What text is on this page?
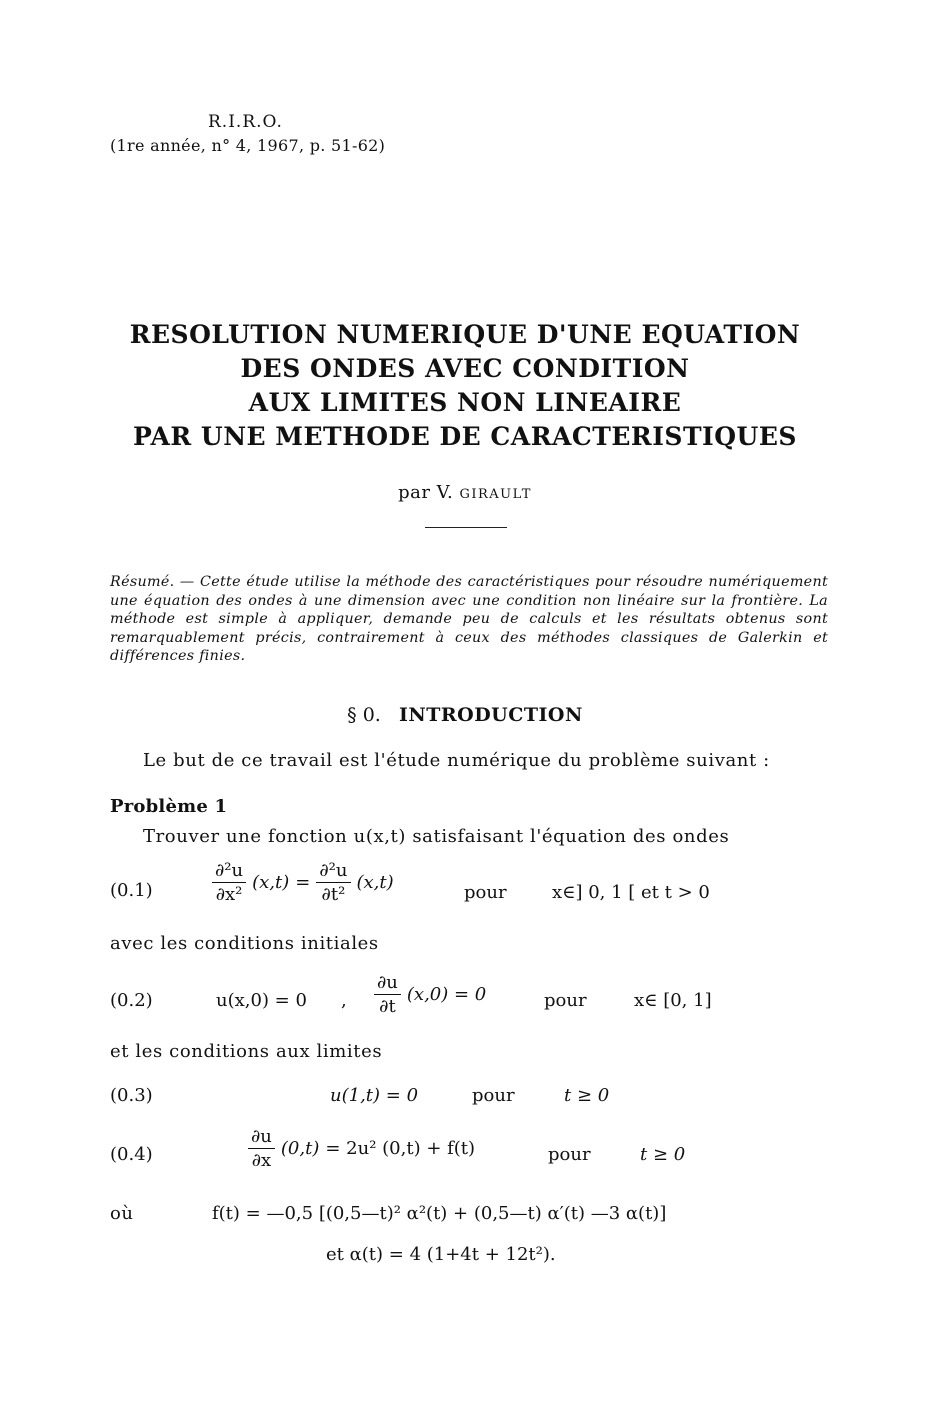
R.I.R.O.
(1re année, n° 4, 1967, p. 51-62)
RESOLUTION NUMERIQUE D'UNE EQUATION
DES ONDES AVEC CONDITION
AUX LIMITES NON LINEAIRE
PAR UNE METHODE DE CARACTERISTIQUES
par V. GIRAULT
Résumé. — Cette étude utilise la méthode des caractéristiques pour résoudre numériquement une équation des ondes à une dimension avec une condition non linéaire sur la frontière. La méthode est simple à appliquer, demande peu de calculs et les résultats obtenus sont remarquablement précis, contrairement à ceux des méthodes classiques de Galerkin et différences finies.
§ 0. INTRODUCTION
Le but de ce travail est l'étude numérique du problème suivant :
Problème 1
Trouver une fonction u(x,t) satisfaisant l'équation des ondes
(0.1)	$\frac{\text{∂²u}}{\text{∂x²}} (x,t) = \frac{\text{∂²u}}{\text{∂t²}} (x,t)$	pour	x∈] 0, 1 [ et t > 0
avec les conditions initiales
(0.2)	u(x,0) = 0 , $\frac{\partial u}{\partial t} (x,0) = 0$	pour	x∈ [0, 1]
et les conditions aux limites
(0.3)	u(1,t) = 0	pour	t ≥ 0
(0.4)	$\frac{\partial u}{\partial x} (0,t) = 2u^2$ (0,t) + f(t)	pour	t ≥ 0
où	f(t) = —0,5 [(0,5—t)² α²(t) + (0,5—t) α′(t) —3 α(t)]
et α(t) = 4 (1+4t + 12t²).
